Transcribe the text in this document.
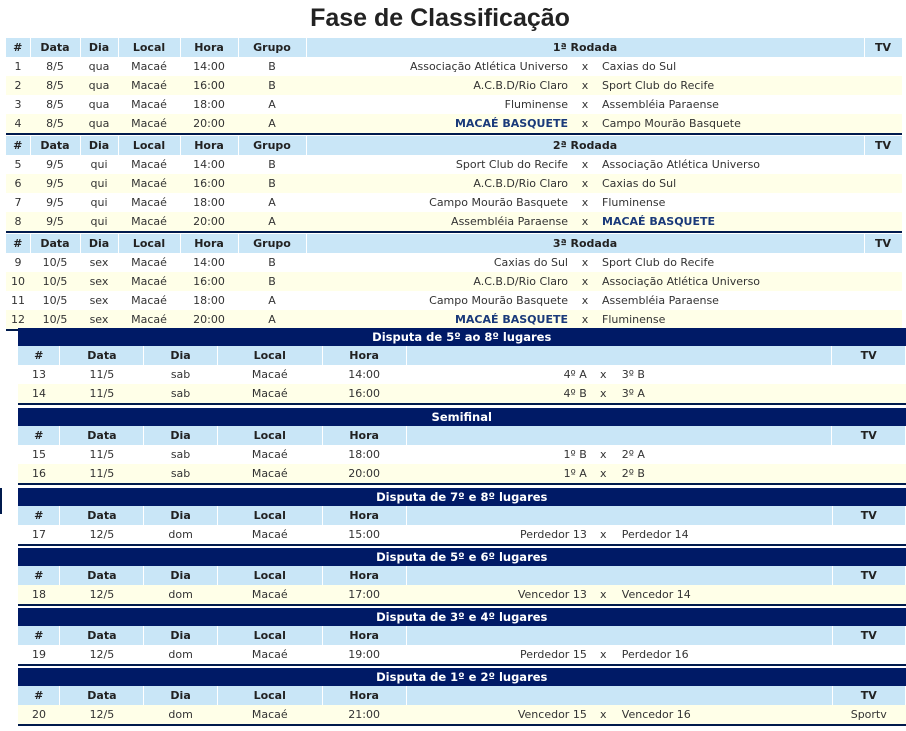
Fase de Classificação
#	Data	Dia	Local	Hora	Grupo	1ª Rodada			TV
1	8/5	qua	Macaé	14:00	B	Associação Atlética Universo	x	Caxias do Sul	
2	8/5	qua	Macaé	16:00	B	A.C.B.D/Rio Claro	x	Sport Club do Recife	
3	8/5	qua	Macaé	18:00	A	Fluminense	x	Assembléia Paraense	
4	8/5	qua	Macaé	20:00	A	MACAÉ BASQUETE	x	Campo Mourão Basquete	

#	Data	Dia	Local	Hora	Grupo	2ª Rodada			TV
5	9/5	qui	Macaé	14:00	B	Sport Club do Recife	x	Associação Atlética Universo	
6	9/5	qui	Macaé	16:00	B	A.C.B.D/Rio Claro	x	Caxias do Sul	
7	9/5	qui	Macaé	18:00	A	Campo Mourão Basquete	x	Fluminense	
8	9/5	qui	Macaé	20:00	A	Assembléia Paraense	x	MACAÉ BASQUETE	

#	Data	Dia	Local	Hora	Grupo	3ª Rodada			TV
9	10/5	sex	Macaé	14:00	B	Caxias do Sul	x	Sport Club do Recife	
10	10/5	sex	Macaé	16:00	B	A.C.B.D/Rio Claro	x	Associação Atlética Universo	
11	10/5	sex	Macaé	18:00	A	Campo Mourão Basquete	x	Assembléia Paraense	
12	10/5	sex	Macaé	20:00	A	MACAÉ BASQUETE	x	Fluminense	

Disputa de 5º ao 8º lugares								
#	Data	Dia	Local	Hora				TV
13	11/5	sab	Macaé	14:00	4º A	x	3º B	
14	11/5	sab	Macaé	16:00	4º B	x	3º A	

Semifinal								
#	Data	Dia	Local	Hora				TV
15	11/5	sab	Macaé	18:00	1º B	x	2º A	
16	11/5	sab	Macaé	20:00	1º A	x	2º B	

Disputa de 7º e 8º lugares								
#	Data	Dia	Local	Hora				TV
17	12/5	dom	Macaé	15:00	Perdedor 13	x	Perdedor 14	

Disputa de 5º e 6º lugares								
#	Data	Dia	Local	Hora				TV
18	12/5	dom	Macaé	17:00	Vencedor 13	x	Vencedor 14	

Disputa de 3º e 4º lugares								
#	Data	Dia	Local	Hora				TV
19	12/5	dom	Macaé	19:00	Perdedor 15	x	Perdedor 16	

Disputa de 1º e 2º lugares								
#	Data	Dia	Local	Hora				TV
20	12/5	dom	Macaé	21:00	Vencedor 15	x	Vencedor 16	Sportv
